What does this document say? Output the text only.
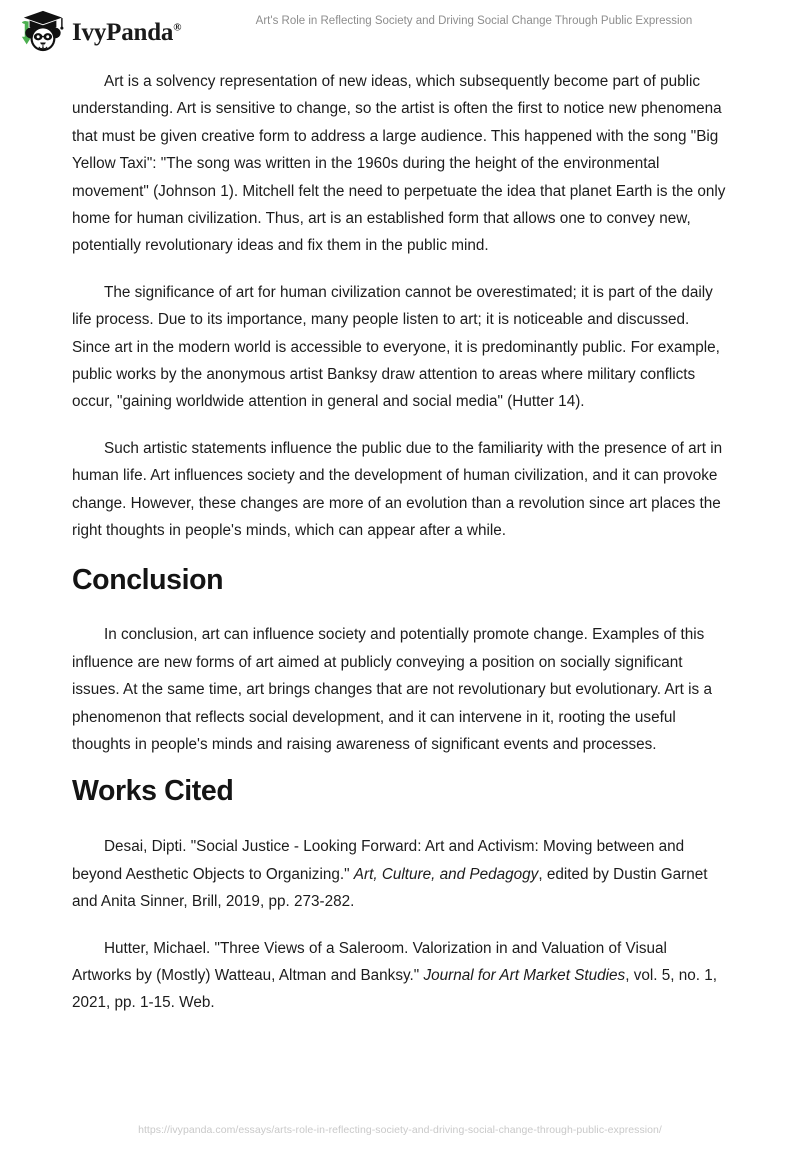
IvyPanda®
Art's Role in Reflecting Society and Driving Social Change Through Public Expression

Art is a solvency representation of new ideas, which subsequently become part of public understanding. Art is sensitive to change, so the artist is often the first to notice new phenomena that must be given creative form to address a large audience. This happened with the song "Big Yellow Taxi": "The song was written in the 1960s during the height of the environmental movement" (Johnson 1). Mitchell felt the need to perpetuate the idea that planet Earth is the only home for human civilization. Thus, art is an established form that allows one to convey new, potentially revolutionary ideas and fix them in the public mind.

The significance of art for human civilization cannot be overestimated; it is part of the daily life process. Due to its importance, many people listen to art; it is noticeable and discussed. Since art in the modern world is accessible to everyone, it is predominantly public. For example, public works by the anonymous artist Banksy draw attention to areas where military conflicts occur, "gaining worldwide attention in general and social media" (Hutter 14).

Such artistic statements influence the public due to the familiarity with the presence of art in human life. Art influences society and the development of human civilization, and it can provoke change. However, these changes are more of an evolution than a revolution since art places the right thoughts in people's minds, which can appear after a while.

Conclusion

In conclusion, art can influence society and potentially promote change. Examples of this influence are new forms of art aimed at publicly conveying a position on socially significant issues. At the same time, art brings changes that are not revolutionary but evolutionary. Art is a phenomenon that reflects social development, and it can intervene in it, rooting the useful thoughts in people's minds and raising awareness of significant events and processes.

Works Cited

Desai, Dipti. "Social Justice - Looking Forward: Art and Activism: Moving between and beyond Aesthetic Objects to Organizing." Art, Culture, and Pedagogy, edited by Dustin Garnet and Anita Sinner, Brill, 2019, pp. 273-282.

Hutter, Michael. "Three Views of a Saleroom. Valorization in and Valuation of Visual Artworks by (Mostly) Watteau, Altman and Banksy." Journal for Art Market Studies, vol. 5, no. 1, 2021, pp. 1-15. Web.

https://ivypanda.com/essays/arts-role-in-reflecting-society-and-driving-social-change-through-public-expression/
